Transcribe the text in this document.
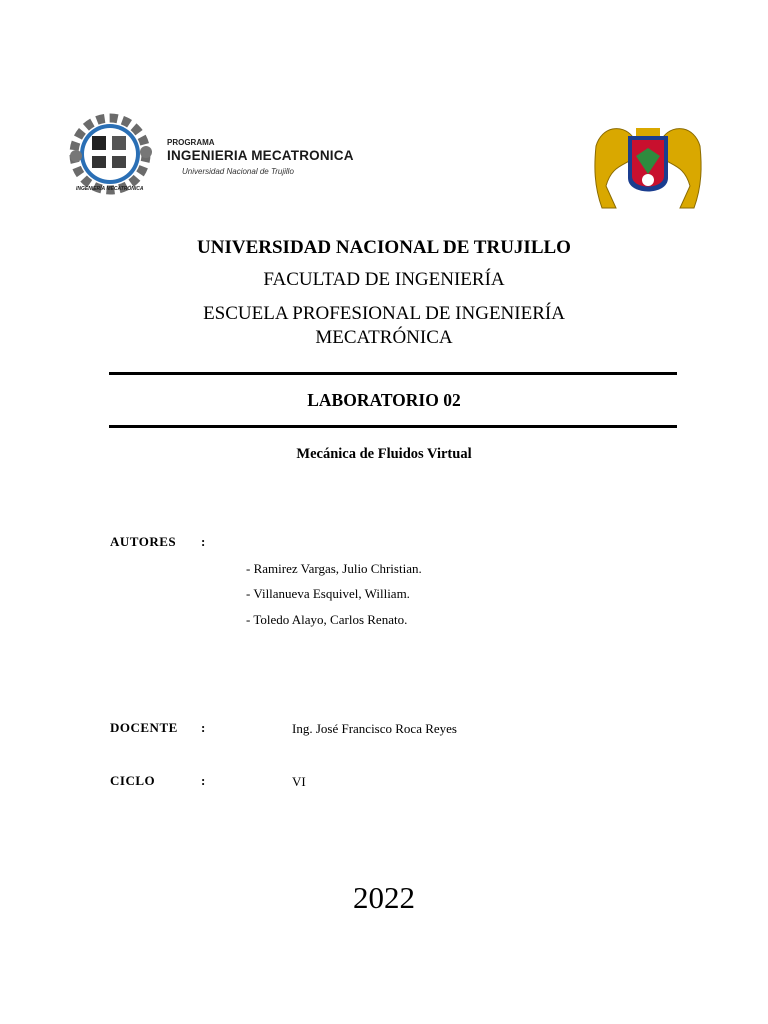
INGENIERÍA MECATRÓNICA
PROGRAMA
INGENIERIA MECATRONICA
Universidad Nacional de Trujillo
UNIVERSIDAD NACIONAL DE TRUJILLO
FACULTAD DE INGENIERÍA
ESCUELA PROFESIONAL DE INGENIERÍA
MECATRÓNICA
LABORATORIO 02
Mecánica de Fluidos Virtual
AUTORES :
- Ramirez Vargas, Julio Christian.
- Villanueva Esquivel, William.
- Toledo Alayo, Carlos Renato.
DOCENTE :	Ing. José Francisco Roca Reyes
CICLO	:	VI
2022
